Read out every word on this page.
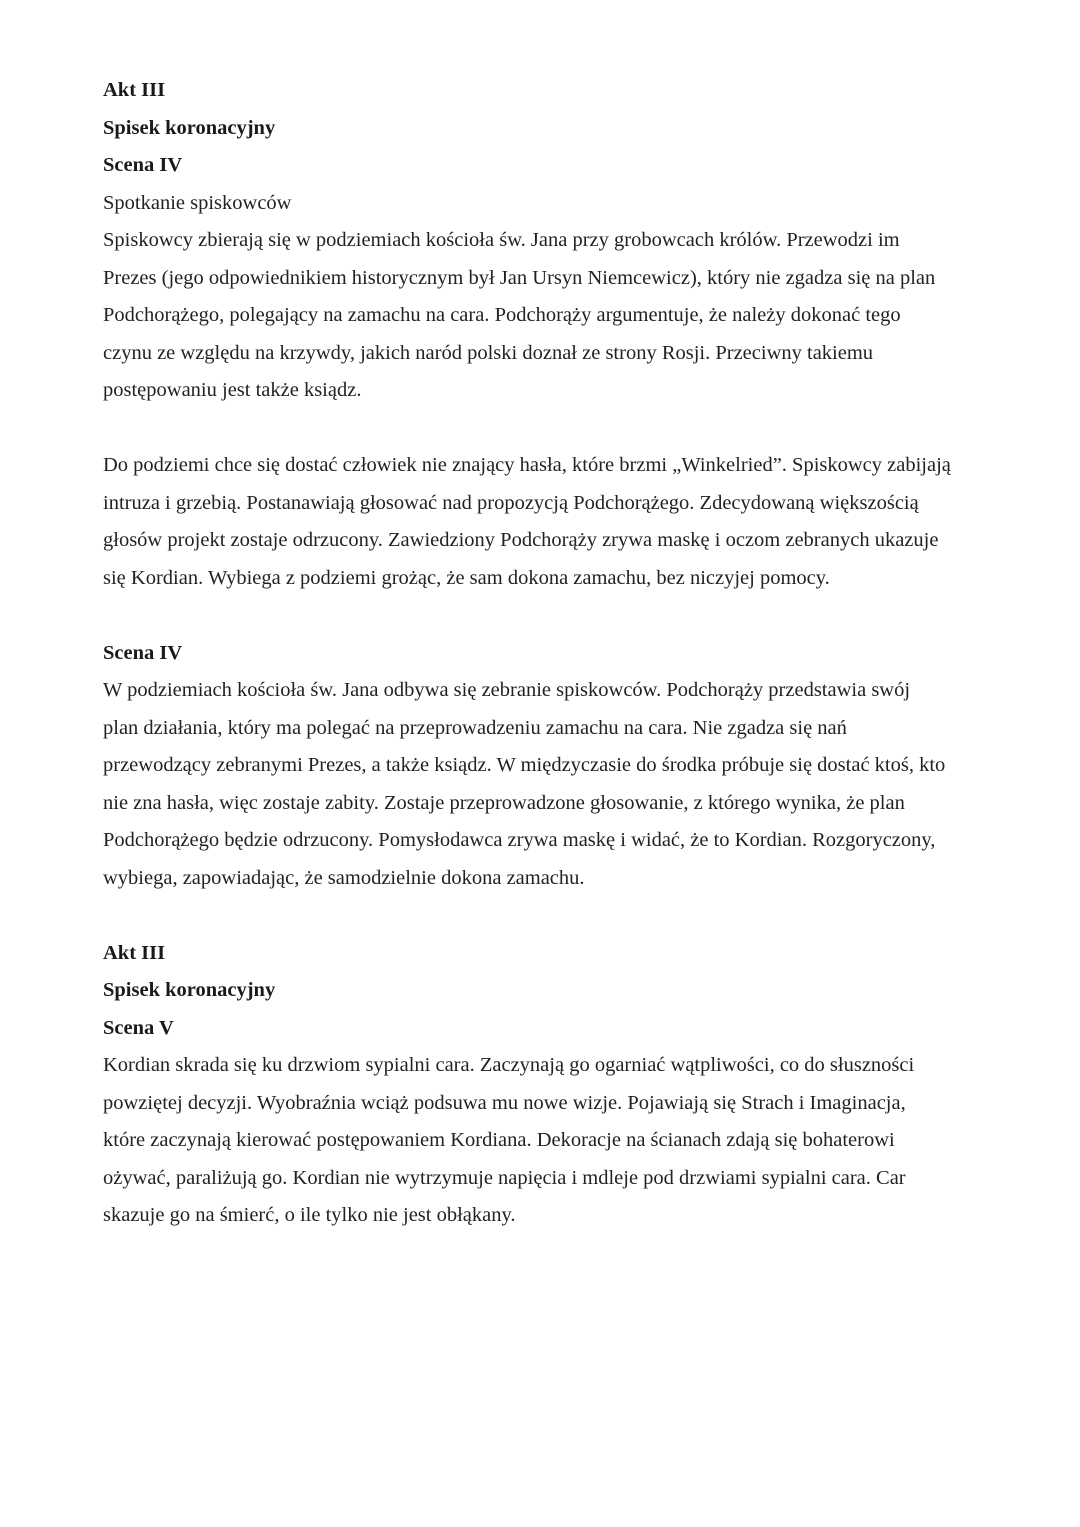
Akt III
Spisek koronacyjny
Scena IV
Spotkanie spiskowców
Spiskowcy zbierają się w podziemiach kościoła św. Jana przy grobowcach królów. Przewodzi im
Prezes (jego odpowiednikiem historycznym był Jan Ursyn Niemcewicz), który nie zgadza się na plan
Podchorążego, polegający na zamachu na cara. Podchorąży argumentuje, że należy dokonać tego
czynu ze względu na krzywdy, jakich naród polski doznał ze strony Rosji. Przeciwny takiemu
postępowaniu jest także ksiądz.
Do podziemi chce się dostać człowiek nie znający hasła, które brzmi „Winkelried”. Spiskowcy zabijają
intruza i grzebią. Postanawiają głosować nad propozycją Podchorążego. Zdecydowaną większością
głosów projekt zostaje odrzucony. Zawiedziony Podchorąży zrywa maskę i oczom zebranych ukazuje
się Kordian. Wybiega z podziemi grożąc, że sam dokona zamachu, bez niczyjej pomocy.
Scena IV
W podziemiach kościoła św. Jana odbywa się zebranie spiskowców. Podchorąży przedstawia swój
plan działania, który ma polegać na przeprowadzeniu zamachu na cara. Nie zgadza się nań
przewodzący zebranymi Prezes, a także ksiądz. W międzyczasie do środka próbuje się dostać ktoś, kto
nie zna hasła, więc zostaje zabity. Zostaje przeprowadzone głosowanie, z którego wynika, że plan
Podchorążego będzie odrzucony. Pomysłodawca zrywa maskę i widać, że to Kordian. Rozgoryczony,
wybiega, zapowiadając, że samodzielnie dokona zamachu.
Akt III
Spisek koronacyjny
Scena V
Kordian skrada się ku drzwiom sypialni cara. Zaczynają go ogarniać wątpliwości, co do słuszności
powziętej decyzji. Wyobraźnia wciąż podsuwa mu nowe wizje. Pojawiają się Strach i Imaginacja,
które zaczynają kierować postępowaniem Kordiana. Dekoracje na ścianach zdają się bohaterowi
ożywać, paraliżują go. Kordian nie wytrzymuje napięcia i mdleje pod drzwiami sypialni cara. Car
skazuje go na śmierć, o ile tylko nie jest obłąkany.
